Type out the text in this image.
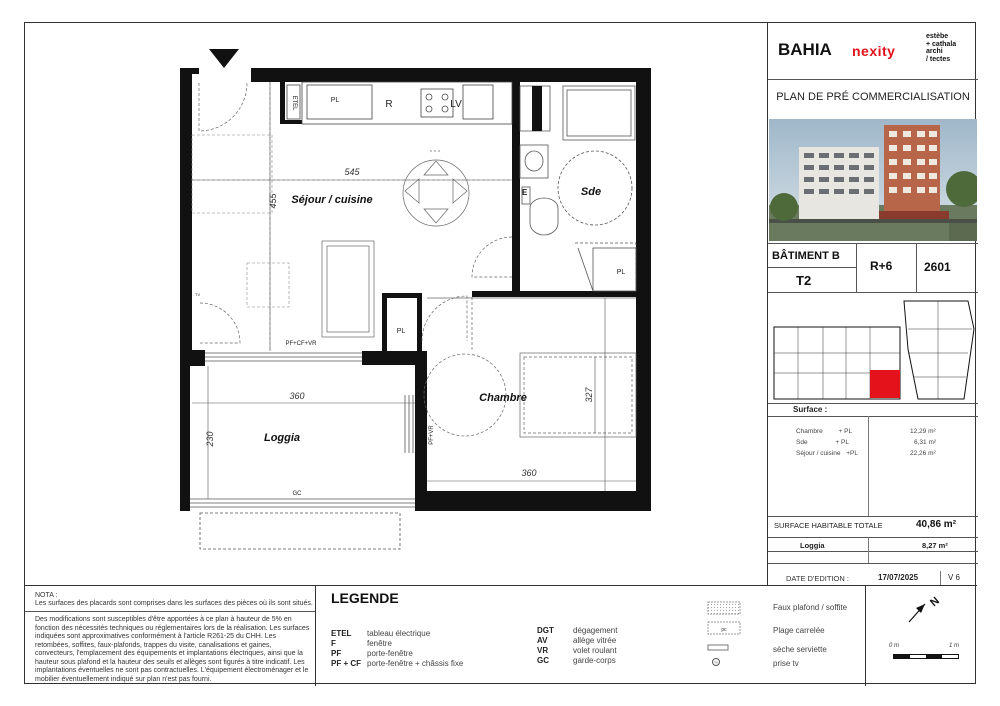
Séjour / cuisine
Sde
Chambre
Loggia
545
455
360
230
327
360
ETEL	PL	R	LV
E
PL
PL
TV
PF+CF+VR
PF+VR
GC
BAHIA nexity
estèbe
+ cathala
archi
/ tectes
PLAN DE PRÉ COMMERCIALISATION
BÂTIMENT B
T2
R+6	2601
Surface :
Chambre + PL	12,29 m²
Sde	+ PL	6,31 m²
Séjour / cuisine +PL	22,26 m²
SURFACE HABITABLE TOTALE	40,86 m²
Loggia	8,27 m²
DATE D'EDITION :	17/07/2025	V 6
NOTA :
Les surfaces des placards sont comprises dans les surfaces des pièces où ils sont situés.
Des modifications sont susceptibles d'être apportées à ce plan à hauteur de 5% en fonction des nécessités techniques ou réglementaires lors de la réalisation. Les surfaces indiquées sont approximatives conformément à l'article R261-25 du CHH. Les retombées, soffites, faux-plafonds, trappes du visite, canalisations et gaines, convecteurs, l'emplacement des équipements et implantations électriques, ainsi que la hauteur sous plafond et la hauteur des seuils et allèges sont figurés à titre indicatif. Les implantations éventuelles ne sont pas contractuelles. L'équipement électroménager et le mobilier éventuellement indiqué sur plan n'est pas fourni.
LEGENDE
ETEL tableau électrique
F	fenêtre
PF	porte-fenêtre
PF + CF porte-fenêtre + châssis fixe
DGT dégagement
AV	allège vitrée
VR	volet roulant
GC	garde-corps
pc
TV
Faux plafond / soffite
Plage carrelée
sèche serviette
prise tv
N
0 m	1 m
